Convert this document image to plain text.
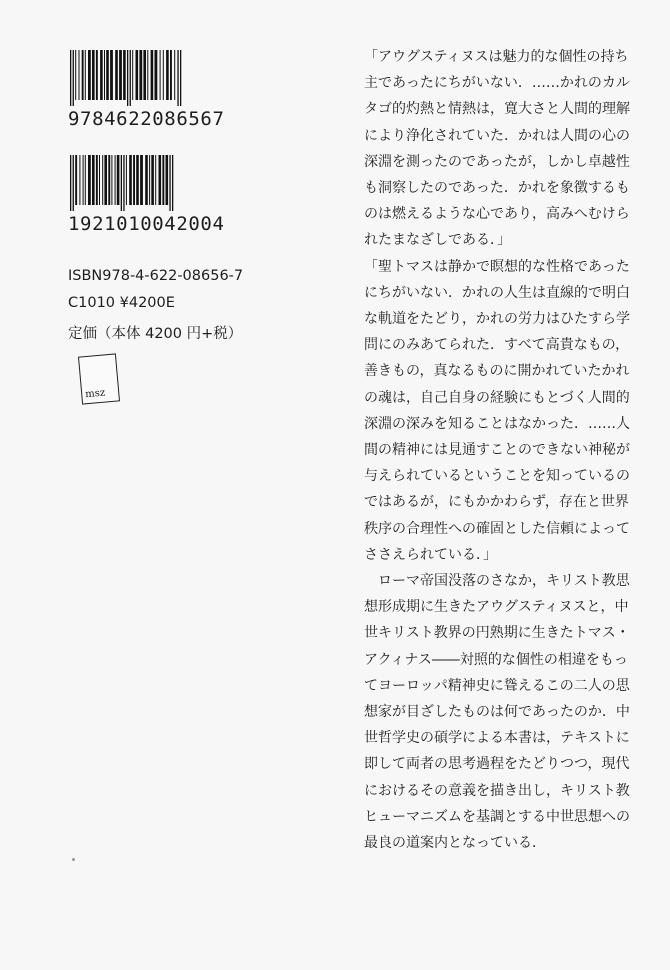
9784622086567
1921010042004
ISBN978-4-622-08656-7
C1010 ¥4200E
定価（本体 4200 円+税）
msz
「アウグスティヌスは魅力的な個性の持ち
主であったにちがいない．……かれのカル
タゴ的灼熱と情熱は，寛大さと人間的理解
により浄化されていた．かれは人間の心の
深淵を測ったのであったが，しかし卓越性
も洞察したのであった．かれを象徴するも
のは燃えるような心であり，高みへむけら
れたまなざしである．」
「聖トマスは静かで瞑想的な性格であった
にちがいない．かれの人生は直線的で明白
な軌道をたどり，かれの労力はひたすら学
問にのみあてられた．すべて高貴なもの，
善きもの，真なるものに開かれていたかれ
の魂は，自己自身の経験にもとづく人間的
深淵の深みを知ることはなかった．……人
間の精神には見通すことのできない神秘が
与えられているということを知っているの
ではあるが，にもかかわらず，存在と世界
秩序の合理性への確固とした信頼によって
ささえられている．」
　ローマ帝国没落のさなか，キリスト教思
想形成期に生きたアウグスティヌスと，中
世キリスト教界の円熟期に生きたトマス・
アクィナス――対照的な個性の相違をもっ
てヨーロッパ精神史に聳えるこの二人の思
想家が目ざしたものは何であったのか．中
世哲学史の碩学による本書は，テキストに
即して両者の思考過程をたどりつつ，現代
におけるその意義を描き出し，キリスト教
ヒューマニズムを基調とする中世思想への
最良の道案内となっている．
